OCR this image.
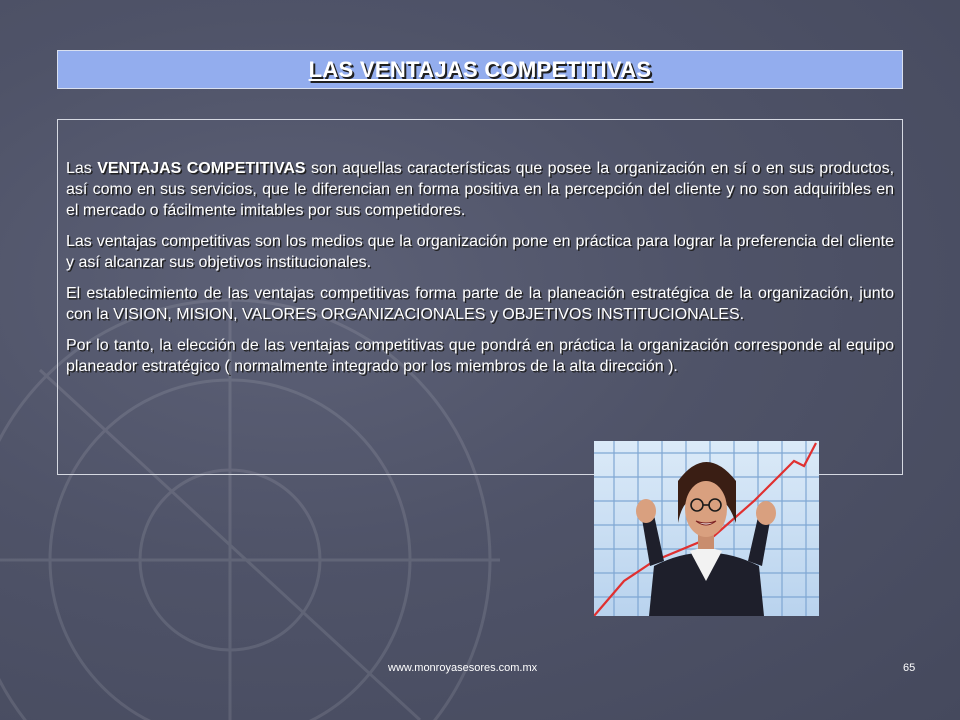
LAS VENTAJAS COMPETITIVAS

Las VENTAJAS COMPETITIVAS son aquellas características que posee la organización en sí o en sus productos, así como en sus servicios, que le diferencian en forma positiva en la percepción del cliente y no son adquiribles en el mercado o fácilmente imitables por sus competidores.

Las ventajas competitivas son los medios que la organización pone en práctica para lograr la preferencia del cliente y así alcanzar sus objetivos institucionales.

El establecimiento de las ventajas competitivas forma parte de la planeación estratégica de la organización, junto con la VISION, MISION, VALORES ORGANIZACIONALES y OBJETIVOS INSTITUCIONALES.

Por lo tanto, la elección de las ventajas competitivas que pondrá en práctica la organización corresponde al equipo planeador estratégico ( normalmente integrado por los miembros de la alta dirección ).

www.monroyasesores.com.mx	65
